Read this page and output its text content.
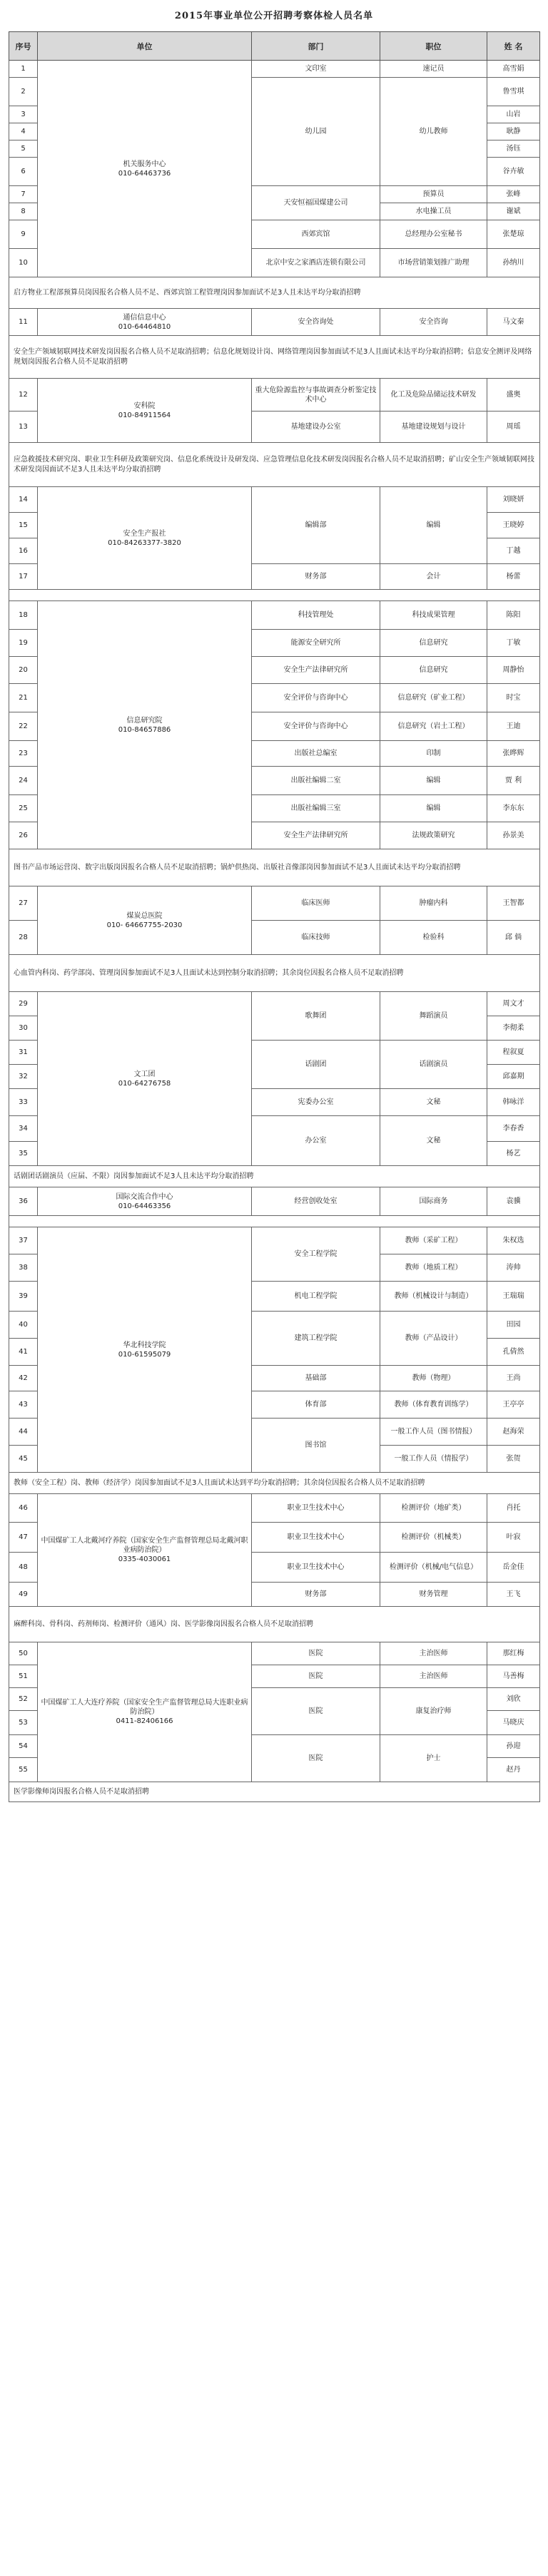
2015年事业单位公开招聘考察体检人员名单
序号	单位	部门	职位	姓 名
1	机关服务中心
010-64463736	文印室	速记员	高雪娟
2		幼儿园	幼儿教师	鲁雪琪
3				山岩
4				耿静
5				汤钰
6				谷卉敏
7		天安恒福国煤建公司	预算员	张峰
8			水电操工员	谢斌
9		西郊宾馆	总经理办公室秘书	张楚琼
10		北京中安之家酒店连锁有限公司	市场营销策划推广助理	孙纳川
启方物业工程部预算员岗因报名合格人员不足、西郊宾馆工程管理岗因参加面试不足3人且未达平均分取消招聘				
11	通信信息中心
010-64464810	安全咨询处	安全咨询	马文秦
安全生产领域韧联网技术研发岗因报名合格人员不足取消招聘；信息化规划设计岗、网络管理岗因参加面试不足3人且面试未达平均分取消招聘；信息安全测评及网络规划岗因报名合格人员不足取消招聘				
12	安科院
010-84911564	重大危险源监控与事故调查分析鉴定技术中心	化工及危险品储运技术研发	盛奥
13		基地建设办公室	基地建设规划与设计	周瑶
应急救援技术研究岗、职业卫生科研及政策研究岗、信息化系统设计及研发岗、应急管理信息化技术研发岗因报名合格人员不足取消招聘；矿山安全生产领域韧联网技术研发岗因面试不足3人且未达平均分取消招聘				
14	安全生产报社
010-84263377-3820	编辑部	编辑	刘晓妍
15				王晓婷
16				丁越
17		财务部	会计	杨蕾

18	信息研究院
010-84657886	科技管理处	科技成果管理	陈阳
19		能源安全研究所	信息研究	丁敏
20		安全生产法律研究所	信息研究	周静怡
21		安全评价与咨询中心	信息研究（矿业工程）	时宝
22		安全评价与咨询中心	信息研究（岩土工程）	王迪
23		出版社总编室	印制	张晔辉
24		出版社编辑二室	编辑	贾 利
25		出版社编辑三室	编辑	李东东
26		安全生产法律研究所	法规政策研究	孙景美
图书产品市场运营岗、数字出版岗因报名合格人员不足取消招聘；锅炉供热岗、出版社音像部岗因参加面试不足3人且面试未达平均分取消招聘				
27	煤炭总医院
010- 64667755-2030	临床医师	肿瘤内科	王智都
28		临床技师	检验科	邱 倘
心血管内科岗、药学部岗、管理岗因参加面试不足3人且面试未达到控制分取消招聘；其余岗位因报名合格人员不足取消招聘				
29	文工团
010-64276758	歌舞团	舞蹈演员	周文才
30				李彻柔
31		话剧团	话剧演员	程叙夏
32				邱嘉期
33		宪委办公室	文秘	韩咏洋
34		办公室	文秘	李春香
35				杨艺
话剧团话剧演员（应届、不限）岗因参加面试不足3人且未达平均分取消招聘				
36	国际交流合作中心
010-64463356	经营创收处室	国际商务	袁骥

37	华北科技学院
010-61595079	安全工程学院	教师（采矿工程）	朱权选
38			教师（地质工程）	涛帅
39		机电工程学院	教师（机械设计与制造）	王瑞瑞
40		建筑工程学院	教师（产品设计）	田园
41				孔倩然
42		基础部	教师（物理）	王尚
43		体育部	教师（体育教育训练学）	王亭亭
44		图书馆	一般工作人员（图书情报）	赵海荣
45			一般工作人员（情报学）	张贺
教师（安全工程）岗、教师（经济学）岗因参加面试不足3人且面试未达到平均分取消招聘；其余岗位因报名合格人员不足取消招聘				
46	中国煤矿工人北戴河疗养院（国家安全生产监督管理总局北戴河职业病防治院）
0335-4030061	职业卫生技术中心	检测评价（地矿类）	肖托
47		职业卫生技术中心	检测评价（机械类）	叶寂
48		职业卫生技术中心	检测评价（机械/电气信息）	岳金佳
49		财务部	财务管理	王飞
麻醉科岗、骨科岗、药剂师岗、检测评价（通风）岗、医学影像岗因报名合格人员不足取消招聘				
50	中国煤矿工人大连疗养院（国家安全生产监督管理总局大连职业病防治院）
0411-82406166	医院	主治医师	那红梅
51		医院	主治医师	马善梅
52		医院	康复治疗师	刘欣
53				马晓庆
54		医院	护士	孙迎
55				赵丹
医学影像师岗因报名合格人员不足取消招聘				
